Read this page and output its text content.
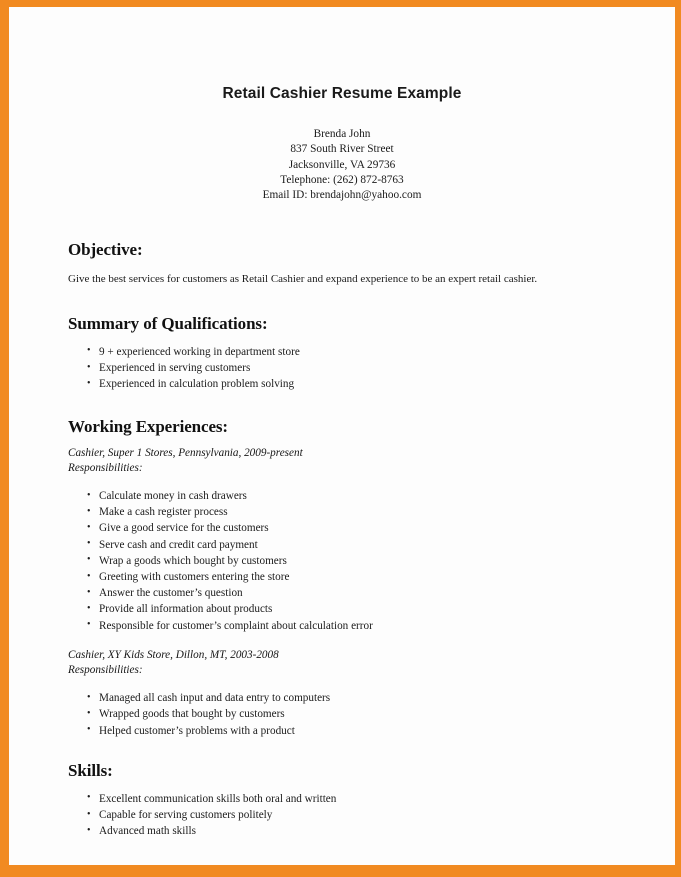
Retail Cashier Resume Example
Brenda John
837 South River Street
Jacksonville, VA 29736
Telephone: (262) 872-8763
Email ID: brendajohn@yahoo.com
Objective:

Give the best services for customers as Retail Cashier and expand experience to be an expert retail cashier.

Summary of Qualifications:
• 9 + experienced working in department store
• Experienced in serving customers
• Experienced in calculation problem solving
Working Experiences:

Cashier, Super 1 Stores, Pennsylvania, 2009-present

Responsibilities:

• Calculate money in cash drawers
• Make a cash register process
• Give a good service for the customers
• Serve cash and credit card payment
• Wrap a goods which bought by customers
• Greeting with customers entering the store
• Answer the customer’s question
• Provide all information about products
• Responsible for customer’s complaint about calculation error

Cashier, XY Kids Store, Dillon, MT, 2003-2008

Responsibilities:

• Managed all cash input and data entry to computers
• Wrapped goods that bought by customers
• Helped customer’s problems with a product
Skills:
• Excellent communication skills both oral and written
• Capable for serving customers politely
• Advanced math skills
